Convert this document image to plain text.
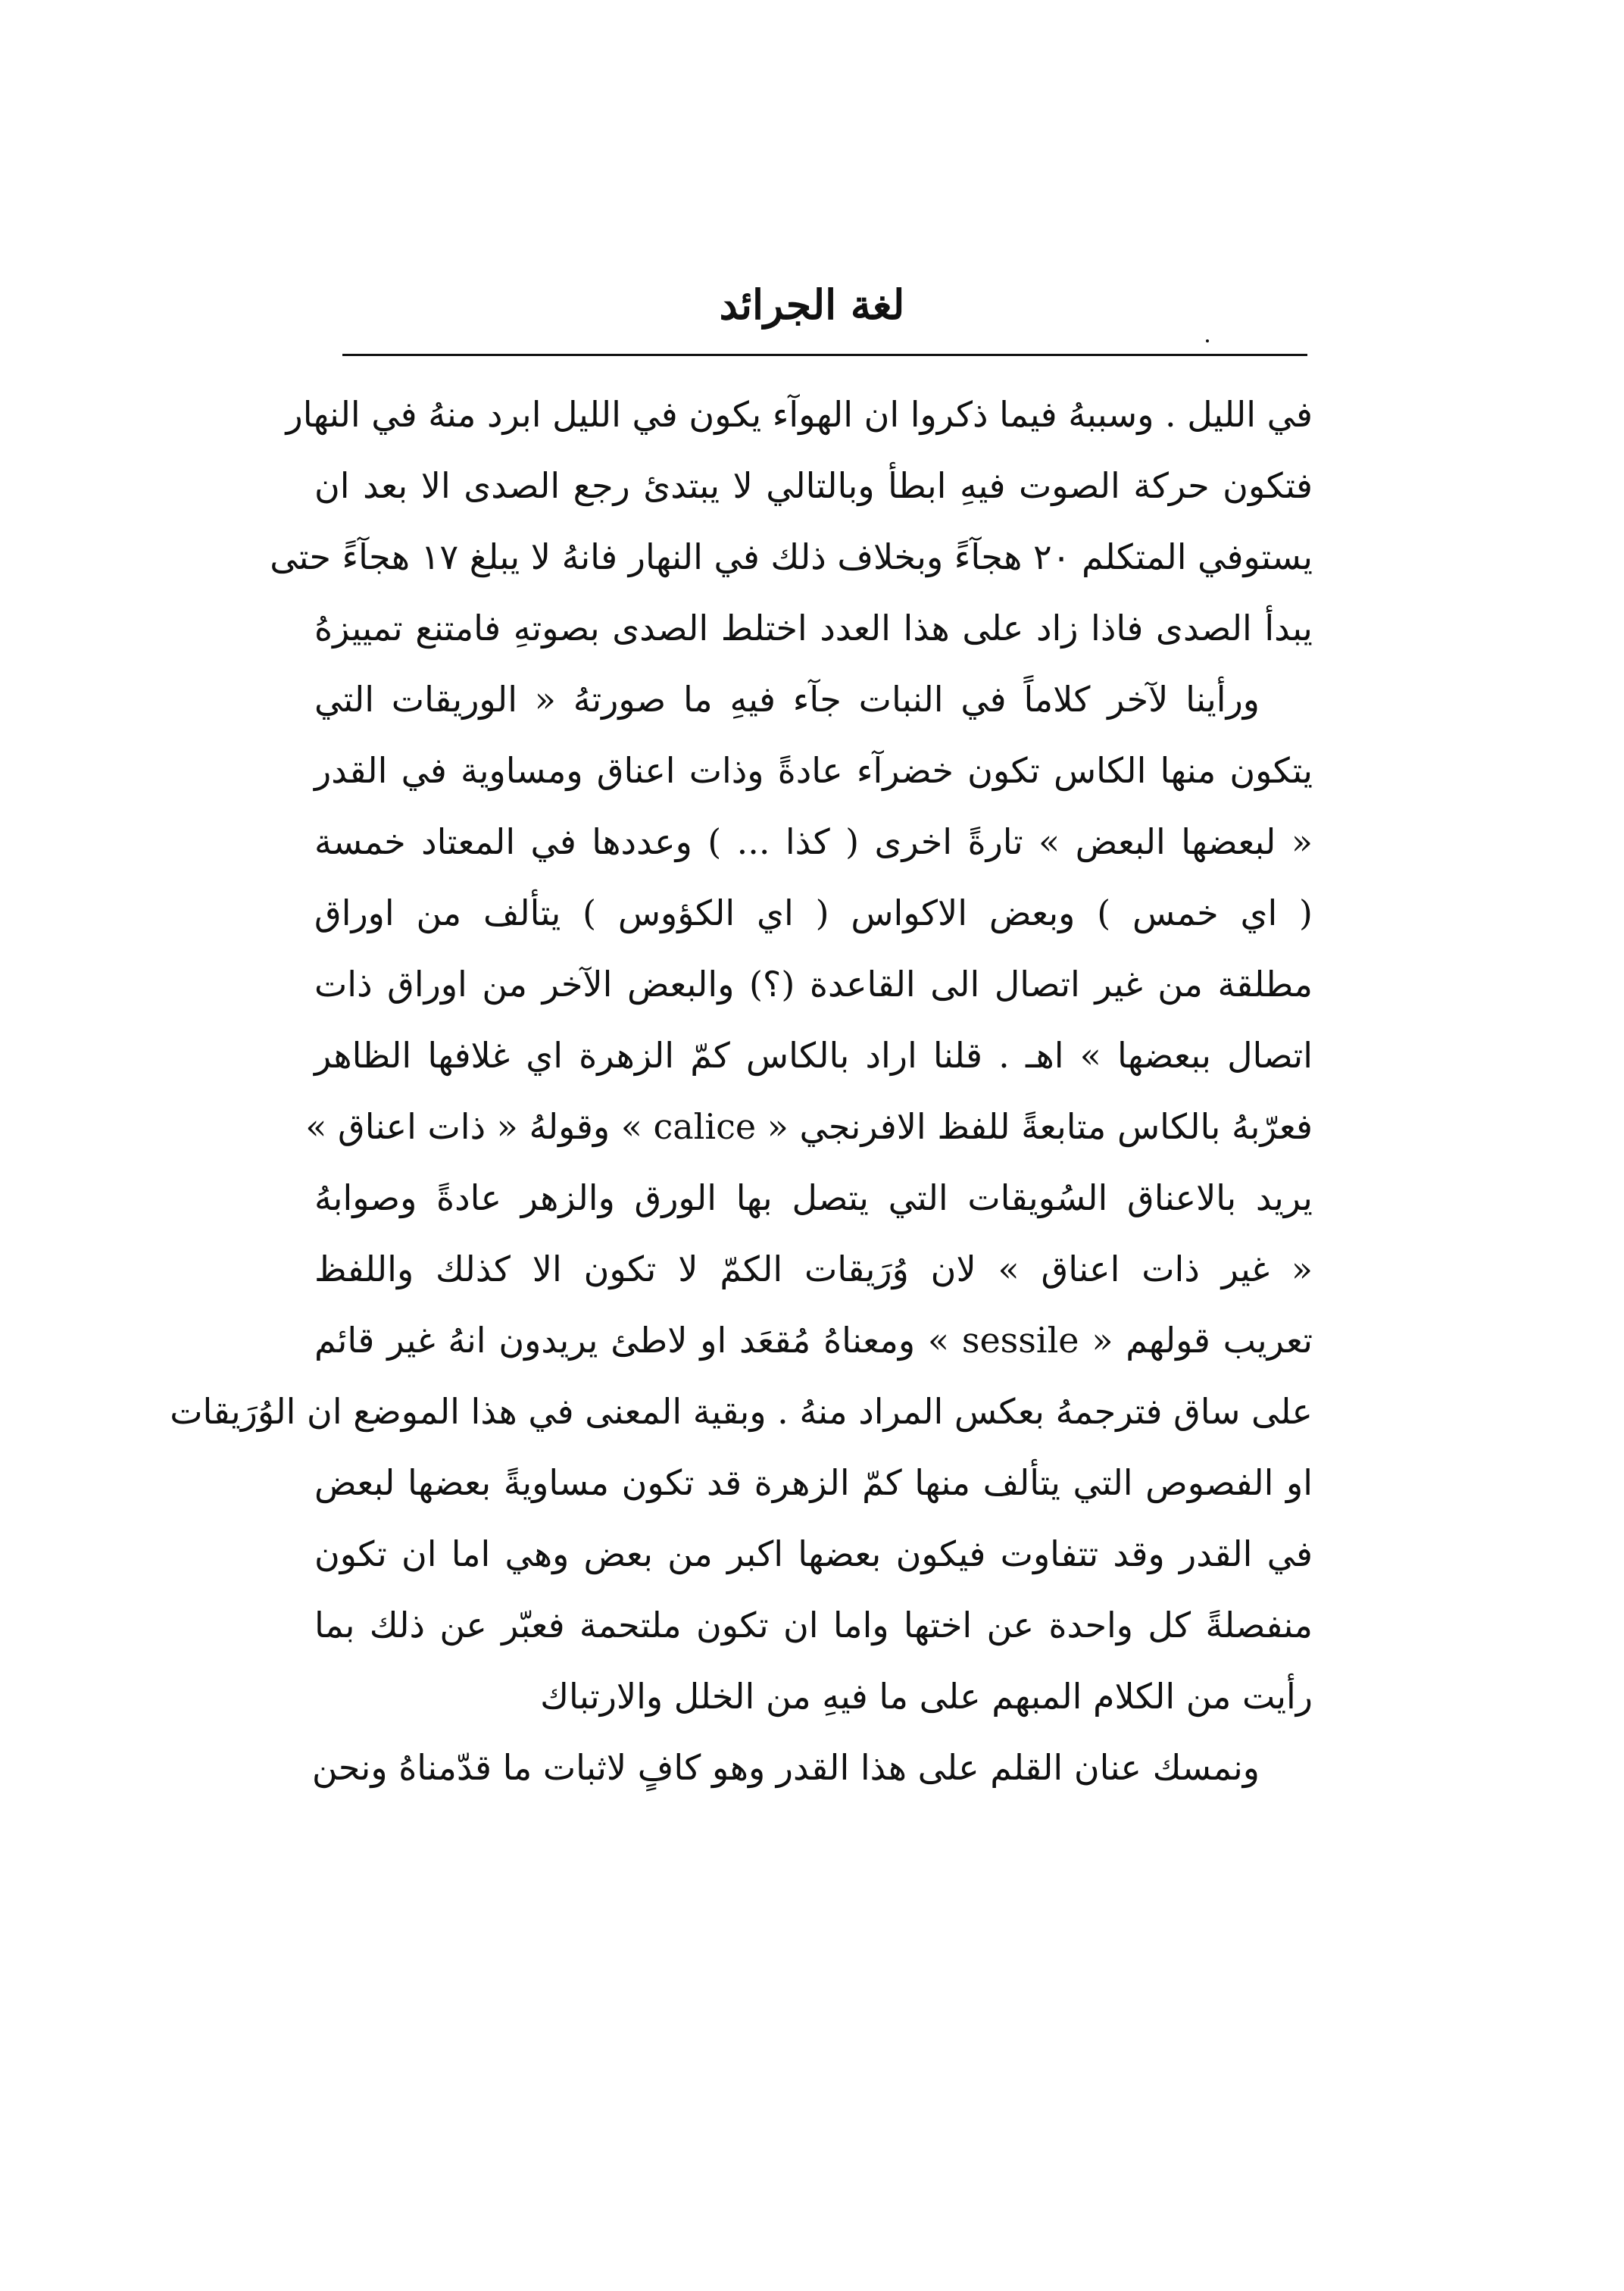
لغة الجرائد
في الليل . وسببهُ فيما ذكروا ان الهوآء يكون في الليل ابرد منهُ في النهار
فتكون حركة الصوت فيهِ ابطأ وبالتالي لا يبتدئ رجع الصدى الا بعد ان
يستوفي المتكلم ٢٠ هجآءً وبخلاف ذلك في النهار فانهُ لا يبلغ ١٧ هجآءً حتى
يبدأ الصدى فاذا زاد على هذا العدد اختلط الصدى بصوتهِ فامتنع تمييزهُ
ورأينا لآخر كلاماً في النبات جآء فيهِ ما صورتهُ « الوريقات التي
يتكون منها الكاس تكون خضرآء عادةً وذات اعناق ومساوية في القدر
« لبعضها البعض » تارةً اخرى ( كذا ... ) وعددها في المعتاد خمسة
( اي خمس ) وبعض الاكواس ( اي الكؤوس ) يتألف من اوراق
مطلقة من غير اتصال الى القاعدة (؟) والبعض الآخر من اوراق ذات
اتصال ببعضها » اهـ . قلنا اراد بالكاس كمّ الزهرة اي غلافها الظاهر
فعرّبهُ بالكاس متابعةً للفظ الافرنجي « calice » وقولهُ « ذات اعناق »
يريد بالاعناق السُويقات التي يتصل بها الورق والزهر عادةً وصوابهُ
« غير ذات اعناق » لان وُرَيقات الكمّ لا تكون الا كذلك واللفظ
تعريب قولهم « sessile » ومعناهُ مُقعَد او لاطئ يريدون انهُ غير قائم
على ساق فترجمهُ بعكس المراد منهُ . وبقية المعنى في هذا الموضع ان الوُرَيقات
او الفصوص التي يتألف منها كمّ الزهرة قد تكون مساويةً بعضها لبعض
في القدر وقد تتفاوت فيكون بعضها اكبر من بعض وهي اما ان تكون
منفصلةً كل واحدة عن اختها واما ان تكون ملتحمة فعبّر عن ذلك بما
رأيت من الكلام المبهم على ما فيهِ من الخلل والارتباك
ونمسك عنان القلم على هذا القدر وهو كافٍ لاثبات ما قدّمناهُ ونحن
